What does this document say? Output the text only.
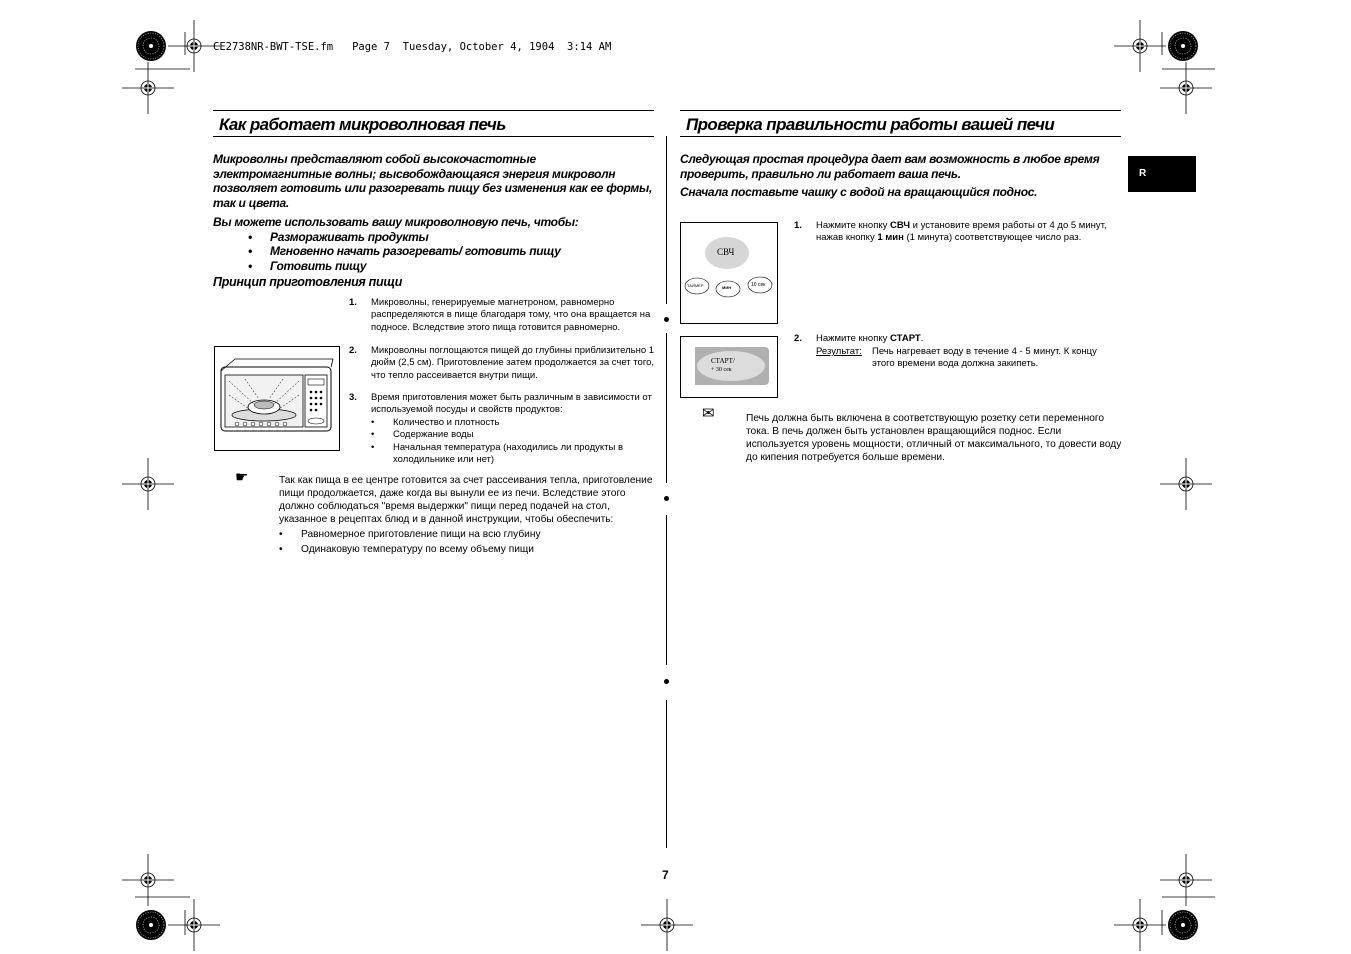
CE2738NR-BWT-TSE.fm Page 7 Tuesday, October 4, 1904 3:14 AM
Как работает микроволновая печь

Микроволны представляют собой высокочастотные электромагнитные волны; высвобождающаяся энергия микроволн позволяет готовить или разогревать пищу без изменения как ее формы, так и цвета.

Вы можете использовать вашу микроволновую печь, чтобы:

• Размораживать продукты
• Мгновенно начать разогревать/ готовить пищу
• Готовить пищу
Принцип приготовления пищи
1. Микроволны, генерируемые магнетроном, равномерно распределяются в пище благодаря тому, что она вращается на подносе. Вследствие этого пища готовится равномерно.
2. Микроволны поглощаются пищей до глубины приблизительно 1 дюйм (2,5 см). Приготовление затем продолжается за счет того, что тепло рассеивается внутри пищи.
3. Время приготовления может быть различным в зависимости от используемой посуды и свойств продуктов:
• Количество и плотность
• Содержание воды
• Начальная температура (находились ли продукты в холодильнике или нет)
☛	Так как пища в ее центре готовится за счет рассеивания тепла, приготовление пищи продолжается, даже когда вы вынули ее из печи. Вследствие этого должно соблюдаться "время выдержки" пищи перед подачей на стол, указанное в рецептах блюд и в данной инструкции, чтобы обеспечить:
• Равномерное приготовление пищи на всю глубину
• Одинаковую температуру по всему объему пищи
Проверка правильности работы вашей печи

Следующая простая процедура дает вам возможность в любое время проверить, правильно ли работает ваша печь.

Сначала поставьте чашку с водой на вращающийся поднос.

СВЧ
ТАЙМЕР	МИН	10 сек
1. Нажмите кнопку СВЧ и установите время работы от 4 до 5 минут, нажав кнопку 1 мин (1 минута) соответствующее число раз.
СТАРТ/
+ 30 сек
2. Нажмите кнопку СТАРТ.
Результат: Печь нагревает воду в течение 4 - 5 минут. К концу этого времени вода должна закипеть.
✉	Печь должна быть включена в соответствующую розетку сети переменного тока. В печь должен быть установлен вращающийся поднос. Если используется уровень мощности, отличный от максимального, то довести воду до кипения потребуется больше времени.
R
7
